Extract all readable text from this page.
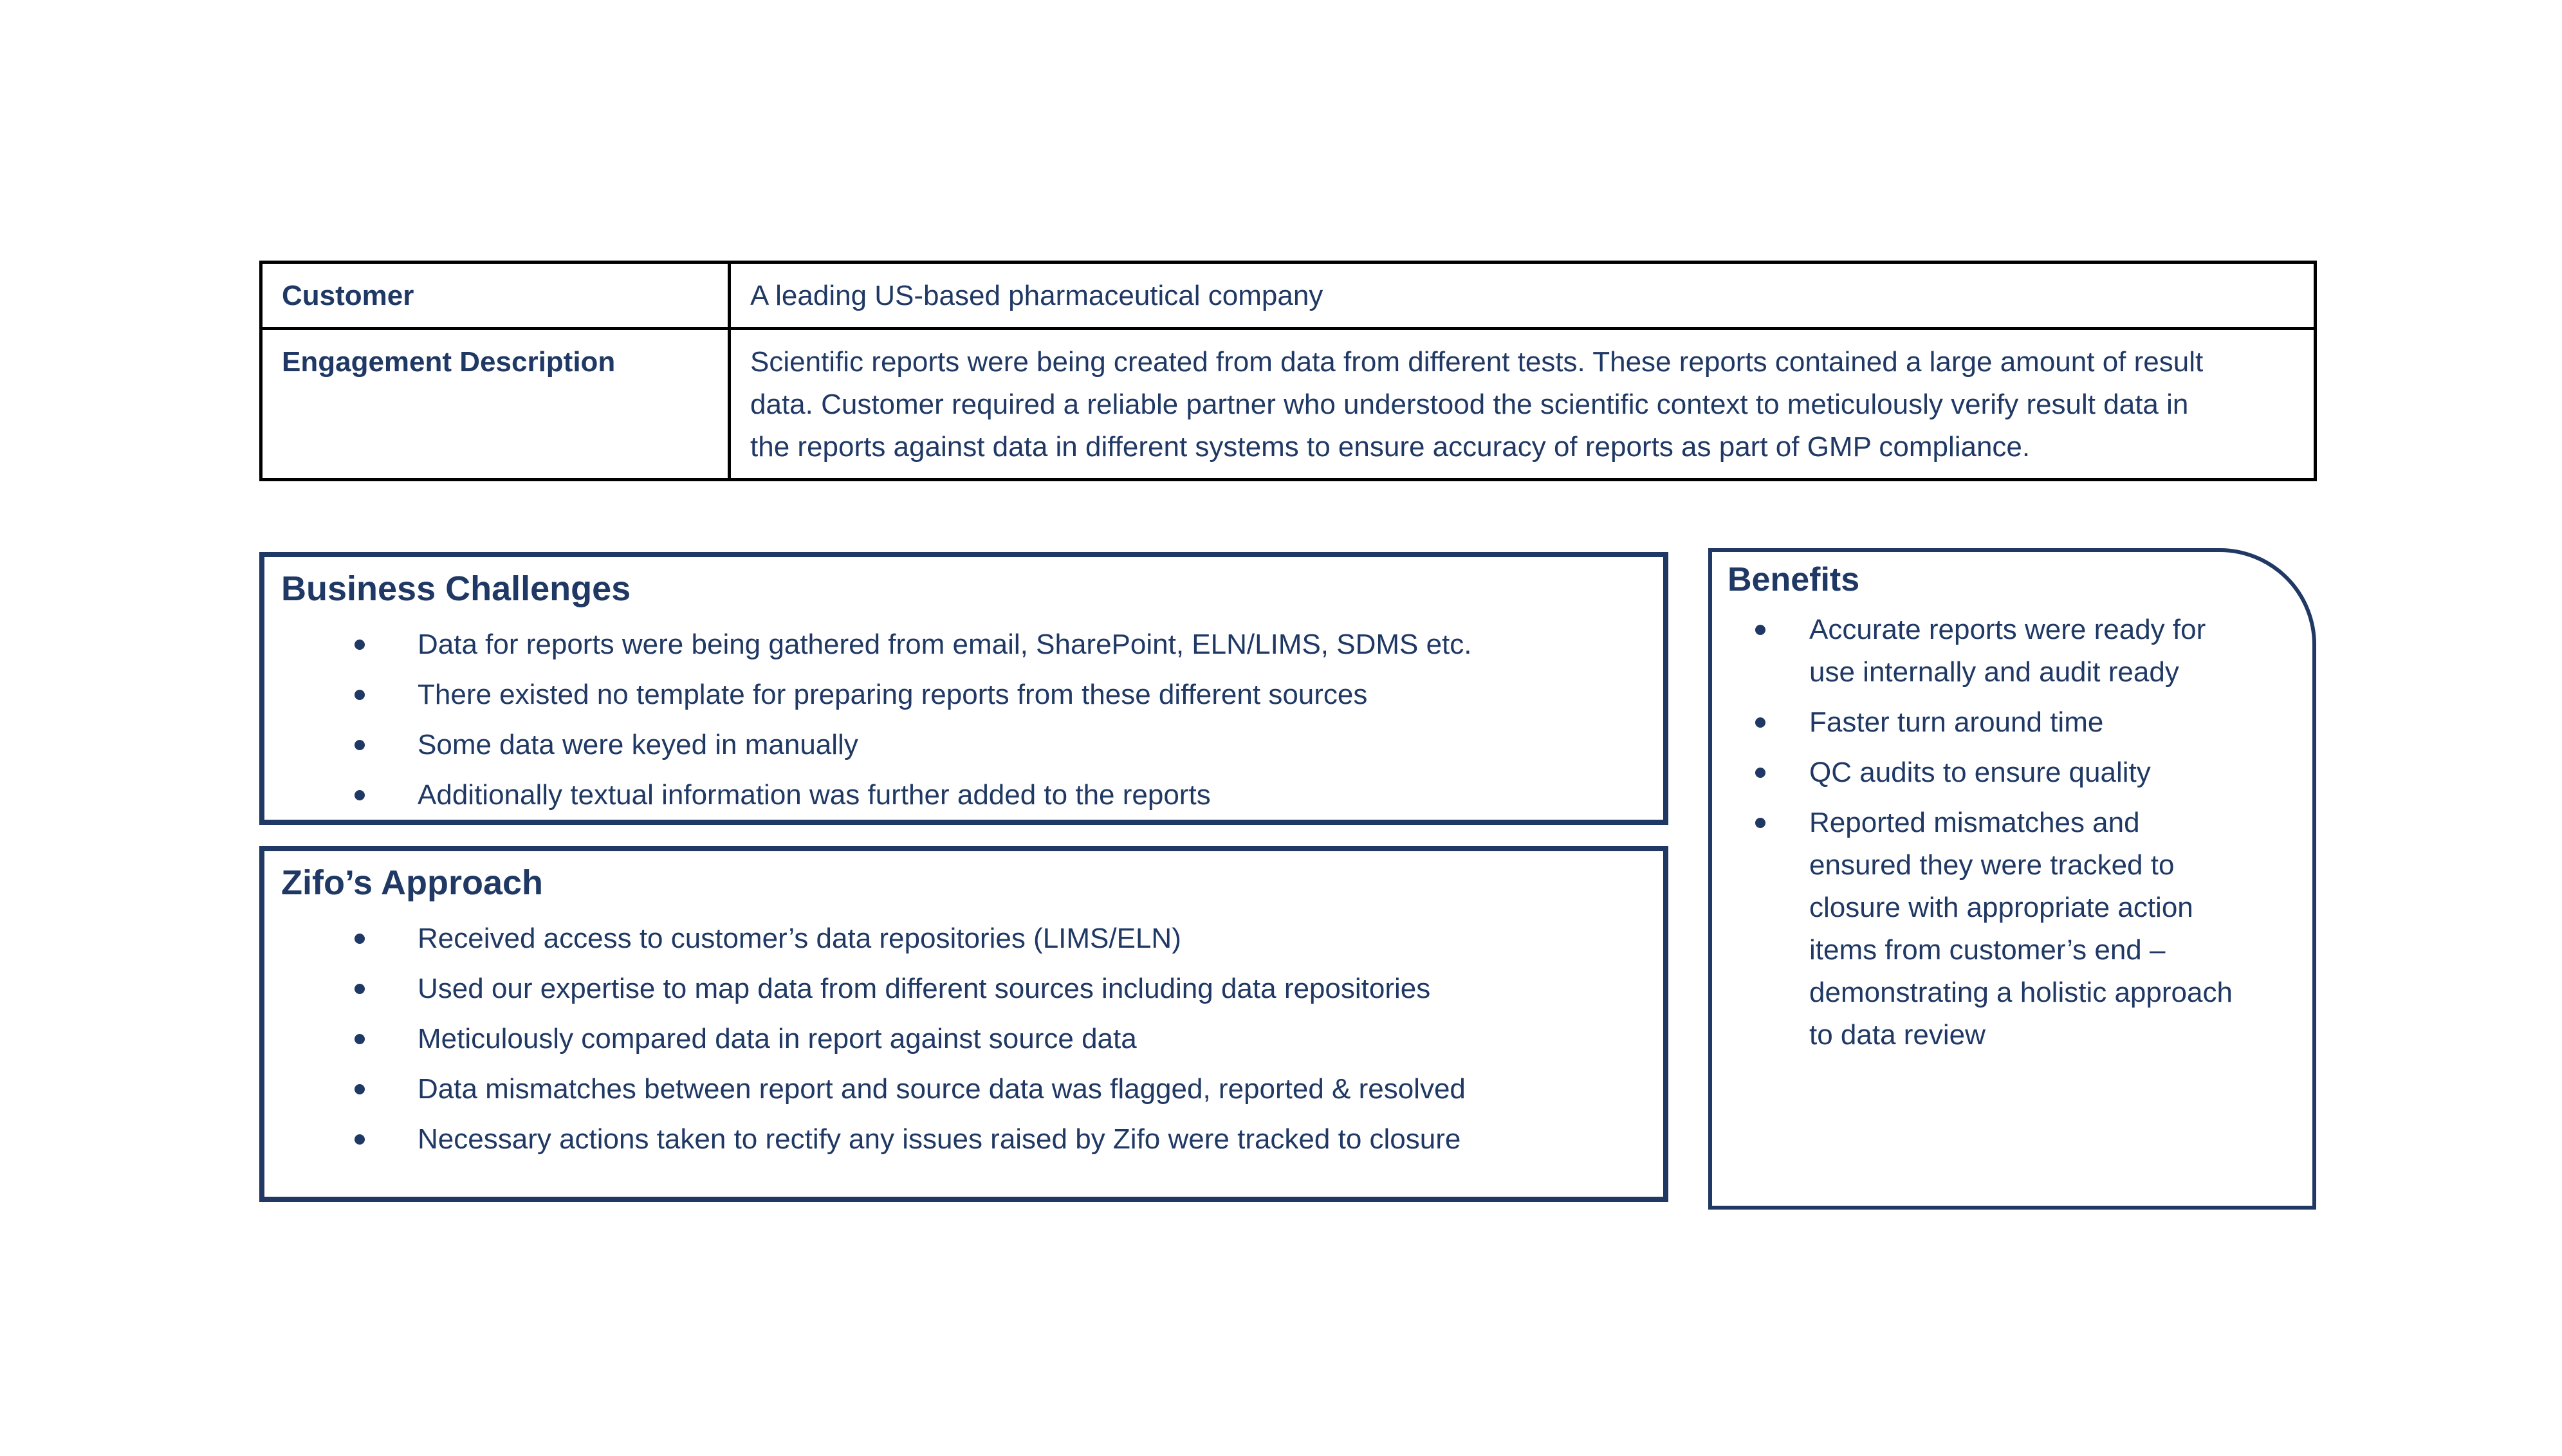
Customer	A leading US-based pharmaceutical company
Engagement Description	Scientific reports were being created from data from different tests. These reports contained a large amount of result data. Customer required a reliable partner who understood the scientific context to meticulously verify result data in the reports against data in different systems to ensure accuracy of reports as part of GMP compliance.
Business Challenges
Data for reports were being gathered from email, SharePoint, ELN/LIMS, SDMS etc.
There existed no template for preparing reports from these different sources
Some data were keyed in manually
Additionally textual information was further added to the reports
Zifo’s Approach
Received access to customer’s data repositories (LIMS/ELN)
Used our expertise to map data from different sources including data repositories
Meticulously compared data in report against source data
Data mismatches between report and source data was flagged, reported & resolved
Necessary actions taken to rectify any issues raised by Zifo were tracked to closure
Benefits
Accurate reports were ready for use internally and audit ready
Faster turn around time
QC audits to ensure quality
Reported mismatches and ensured they were tracked to closure with appropriate action items from customer’s end – demonstrating a holistic approach to data review
